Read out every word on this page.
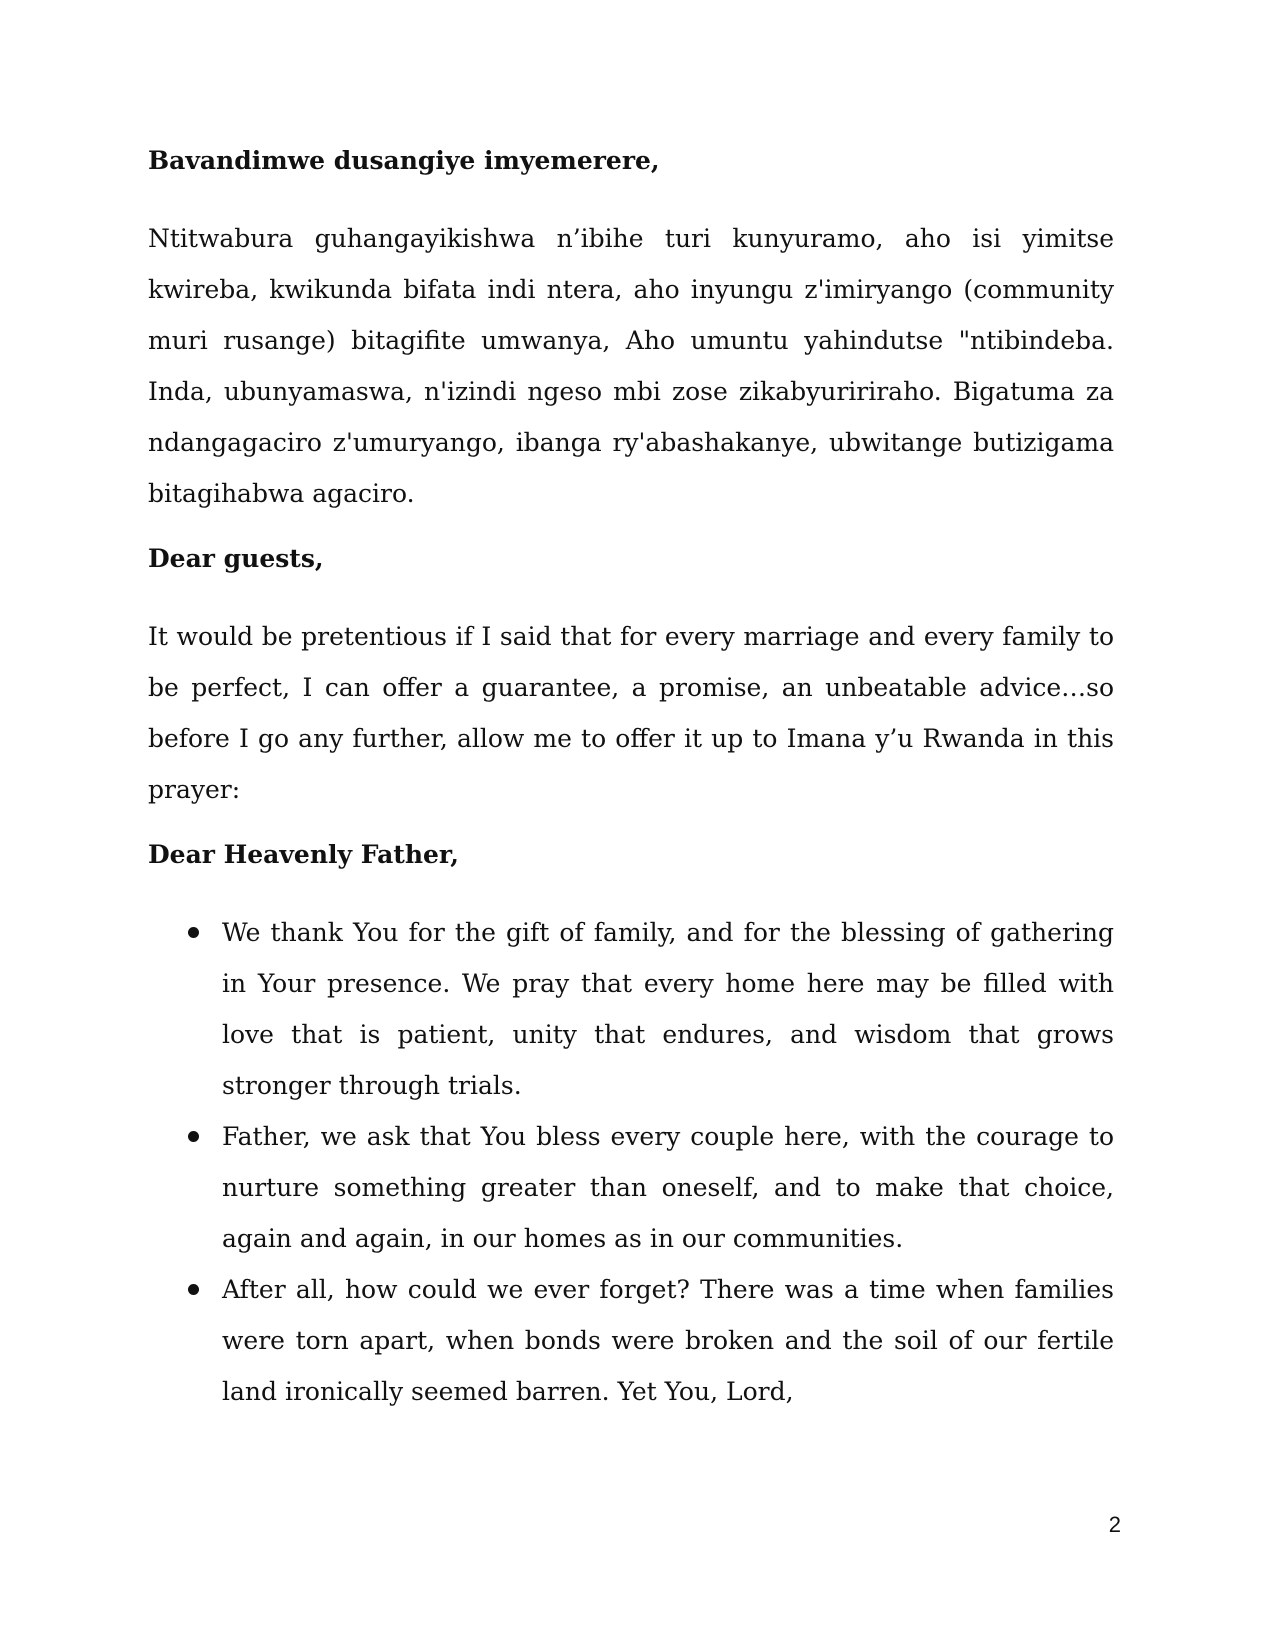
Bavandimwe dusangiye imyemerere,

Ntitwabura guhangayikishwa n’ibihe turi kunyuramo, aho isi yimitse kwireba, kwikunda bifata indi ntera, aho inyungu z'imiryango (community muri rusange) bitagifite umwanya, Aho umuntu yahindutse "ntibindeba. Inda, ubunyamaswa, n'izindi ngeso mbi zose zikabyuririraho. Bigatuma za ndangagaciro z'umuryango, ibanga ry'abashakanye, ubwitange butizigama bitagihabwa agaciro.

Dear guests,

It would be pretentious if I said that for every marriage and every family to be perfect, I can offer a guarantee, a promise, an unbeatable advice…so before I go any further, allow me to offer it up to Imana y’u Rwanda in this prayer:

Dear Heavenly Father,

We thank You for the gift of family, and for the blessing of gathering in Your presence. We pray that every home here may be filled with love that is patient, unity that endures, and wisdom that grows stronger through trials.
Father, we ask that You bless every couple here, with the courage to nurture something greater than oneself, and to make that choice, again and again, in our homes as in our communities.
After all, how could we ever forget? There was a time when families were torn apart, when bonds were broken and the soil of our fertile land ironically seemed barren. Yet You, Lord,
2
